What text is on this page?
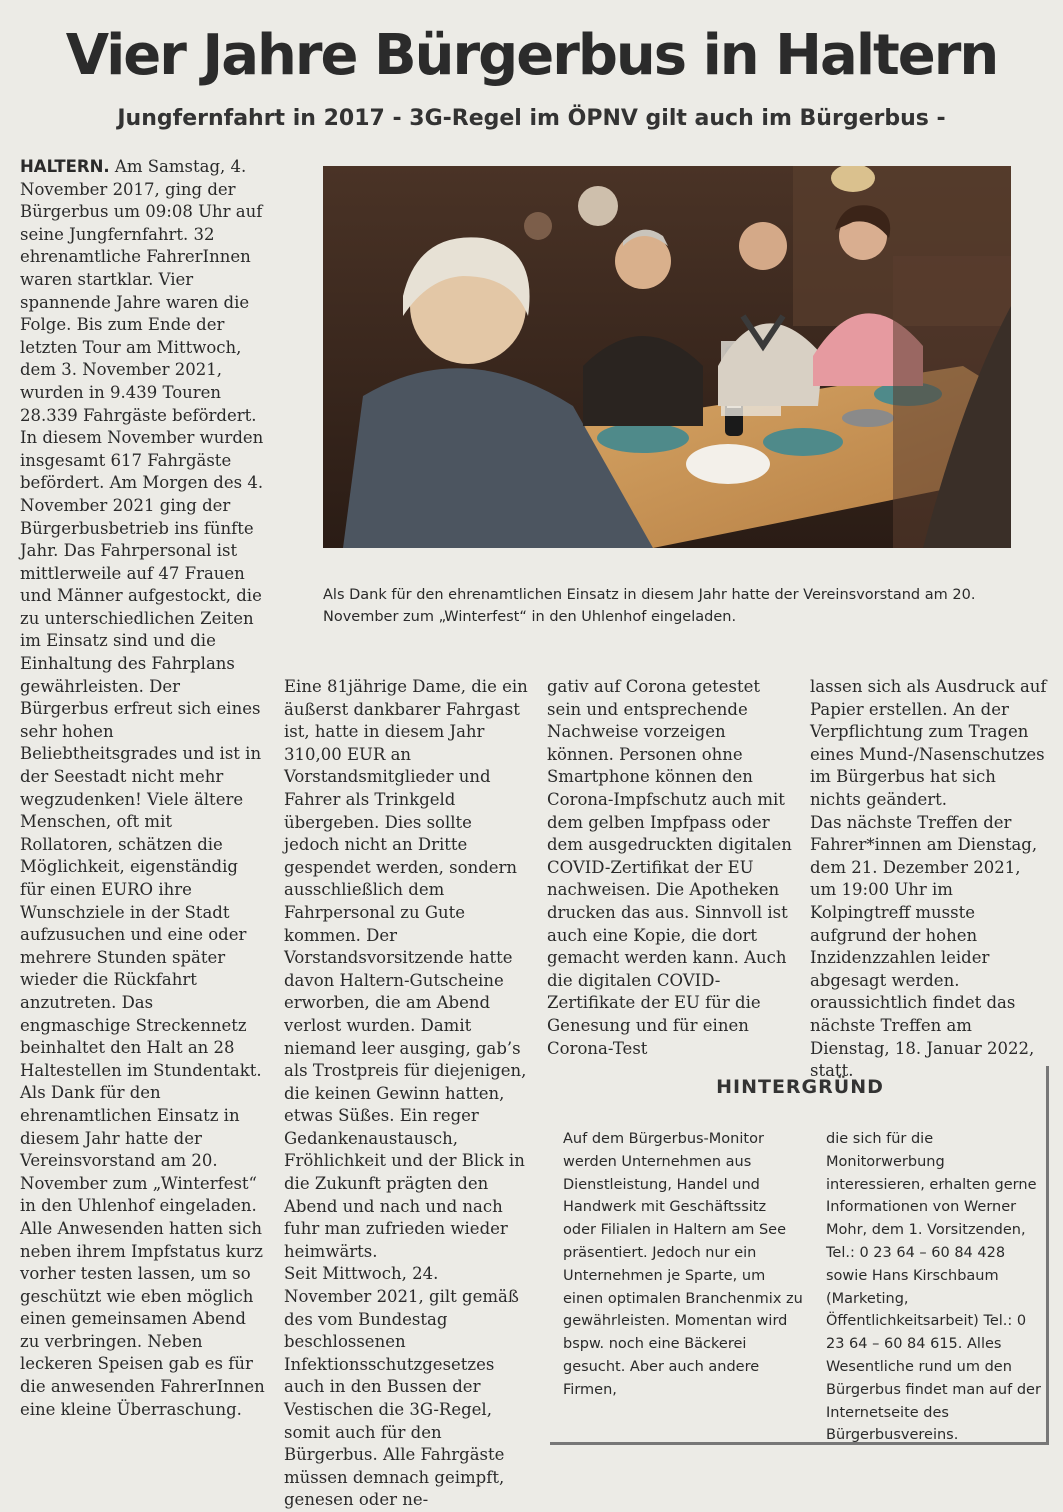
Vier Jahre Bürgerbus in Haltern
Jungfernfahrt in 2017 - 3G-Regel im ÖPNV gilt auch im Bürgerbus -

HALTERN. Am Samstag, 4. November 2017, ging der Bürgerbus um 09:08 Uhr auf seine Jungfernfahrt. 32 ehrenamtliche FahrerInnen waren startklar. Vier spannende Jahre waren die Folge. Bis zum Ende der letzten Tour am Mittwoch, dem 3. November 2021, wurden in 9.439 Touren 28.339 Fahrgäste befördert. In diesem November wurden insgesamt 617 Fahrgäste befördert. Am Morgen des 4. November 2021 ging der Bürgerbusbetrieb ins fünfte Jahr. Das Fahrpersonal ist mittlerweile auf 47 Frauen und Männer aufgestockt, die zu unterschiedlichen Zeiten im Einsatz sind und die Einhaltung des Fahrplans gewährleisten. Der Bürgerbus erfreut sich eines sehr hohen Beliebtheitsgrades und ist in der Seestadt nicht mehr wegzudenken! Viele ältere Menschen, oft mit Rollatoren, schätzen die Möglichkeit, eigenständig für einen EURO ihre Wunschziele in der Stadt aufzusuchen und eine oder mehrere Stunden später wieder die Rückfahrt anzutreten. Das engmaschige Streckennetz beinhaltet den Halt an 28 Haltestellen im Stundentakt.

Als Dank für den ehrenamtlichen Einsatz in diesem Jahr hatte der Vereinsvorstand am 20. November zum „Winterfest“ in den Uhlenhof eingeladen.

Alle Anwesenden hatten sich neben ihrem Impfstatus kurz vorher testen lassen, um so geschützt wie eben möglich einen gemeinsamen Abend zu verbringen. Neben leckeren Speisen gab es für die anwesenden FahrerInnen eine kleine Überraschung.

Als Dank für den ehrenamtlichen Einsatz in diesem Jahr hatte der Vereinsvorstand am 20. November zum „Winterfest“ in den Uhlenhof eingeladen.

Eine 81jährige Dame, die ein äußerst dankbarer Fahrgast ist, hatte in diesem Jahr 310,00 EUR an Vorstandsmitglieder und Fahrer als Trinkgeld übergeben. Dies sollte jedoch nicht an Dritte gespendet werden, sondern ausschließlich dem Fahrpersonal zu Gute kommen. Der Vorstandsvorsitzende hatte davon Haltern-Gutscheine erworben, die am Abend verlost wurden. Damit niemand leer ausging, gab’s als Trostpreis für diejenigen, die keinen Gewinn hatten, etwas Süßes. Ein reger Gedankenaustausch, Fröhlichkeit und der Blick in die Zukunft prägten den Abend und nach und nach fuhr man zufrieden wieder heimwärts.

Seit Mittwoch, 24. November 2021, gilt gemäß des vom Bundestag beschlossenen Infektionsschutzgesetzes auch in den Bussen der Vestischen die 3G-Regel, somit auch für den Bürgerbus. Alle Fahrgäste müssen demnach geimpft, genesen oder ne-

gativ auf Corona getestet sein und entsprechende Nachweise vorzeigen können. Personen ohne Smartphone können den Corona-Impfschutz auch mit dem gelben Impfpass oder dem ausgedruckten digitalen COVID-Zertifikat der EU nachweisen. Die Apotheken drucken das aus. Sinnvoll ist auch eine Kopie, die dort gemacht werden kann. Auch die digitalen COVID-Zertifikate der EU für die Genesung und für einen Corona-Test

lassen sich als Ausdruck auf Papier erstellen. An der Verpflichtung zum Tragen eines Mund-/Nasenschutzes im Bürgerbus hat sich nichts geändert.

Das nächste Treffen der Fahrer*innen am Dienstag, dem 21. Dezember 2021, um 19:00 Uhr im Kolpingtreff musste aufgrund der hohen Inzidenzzahlen leider abgesagt werden. oraussichtlich findet das nächste Treffen am Dienstag, 18. Januar 2022, statt.

HINTERGRÜND

Auf dem Bürgerbus-Monitor werden Unternehmen aus Dienstleistung, Handel und Handwerk mit Geschäftssitz oder Filialen in Haltern am See präsentiert. Jedoch nur ein Unternehmen je Sparte, um einen optimalen Branchenmix zu gewährleisten. Momentan wird bspw. noch eine Bäckerei gesucht. Aber auch andere Firmen,

die sich für die Monitorwerbung interessieren, erhalten gerne Informationen von Werner Mohr, dem 1. Vorsitzenden, Tel.: 0 23 64 – 60 84 428 sowie Hans Kirschbaum (Marketing, Öffentlichkeitsarbeit) Tel.: 0 23 64 – 60 84 615. Alles Wesentliche rund um den Bürgerbus findet man auf der Internetseite des Bürgerbusvereins.
